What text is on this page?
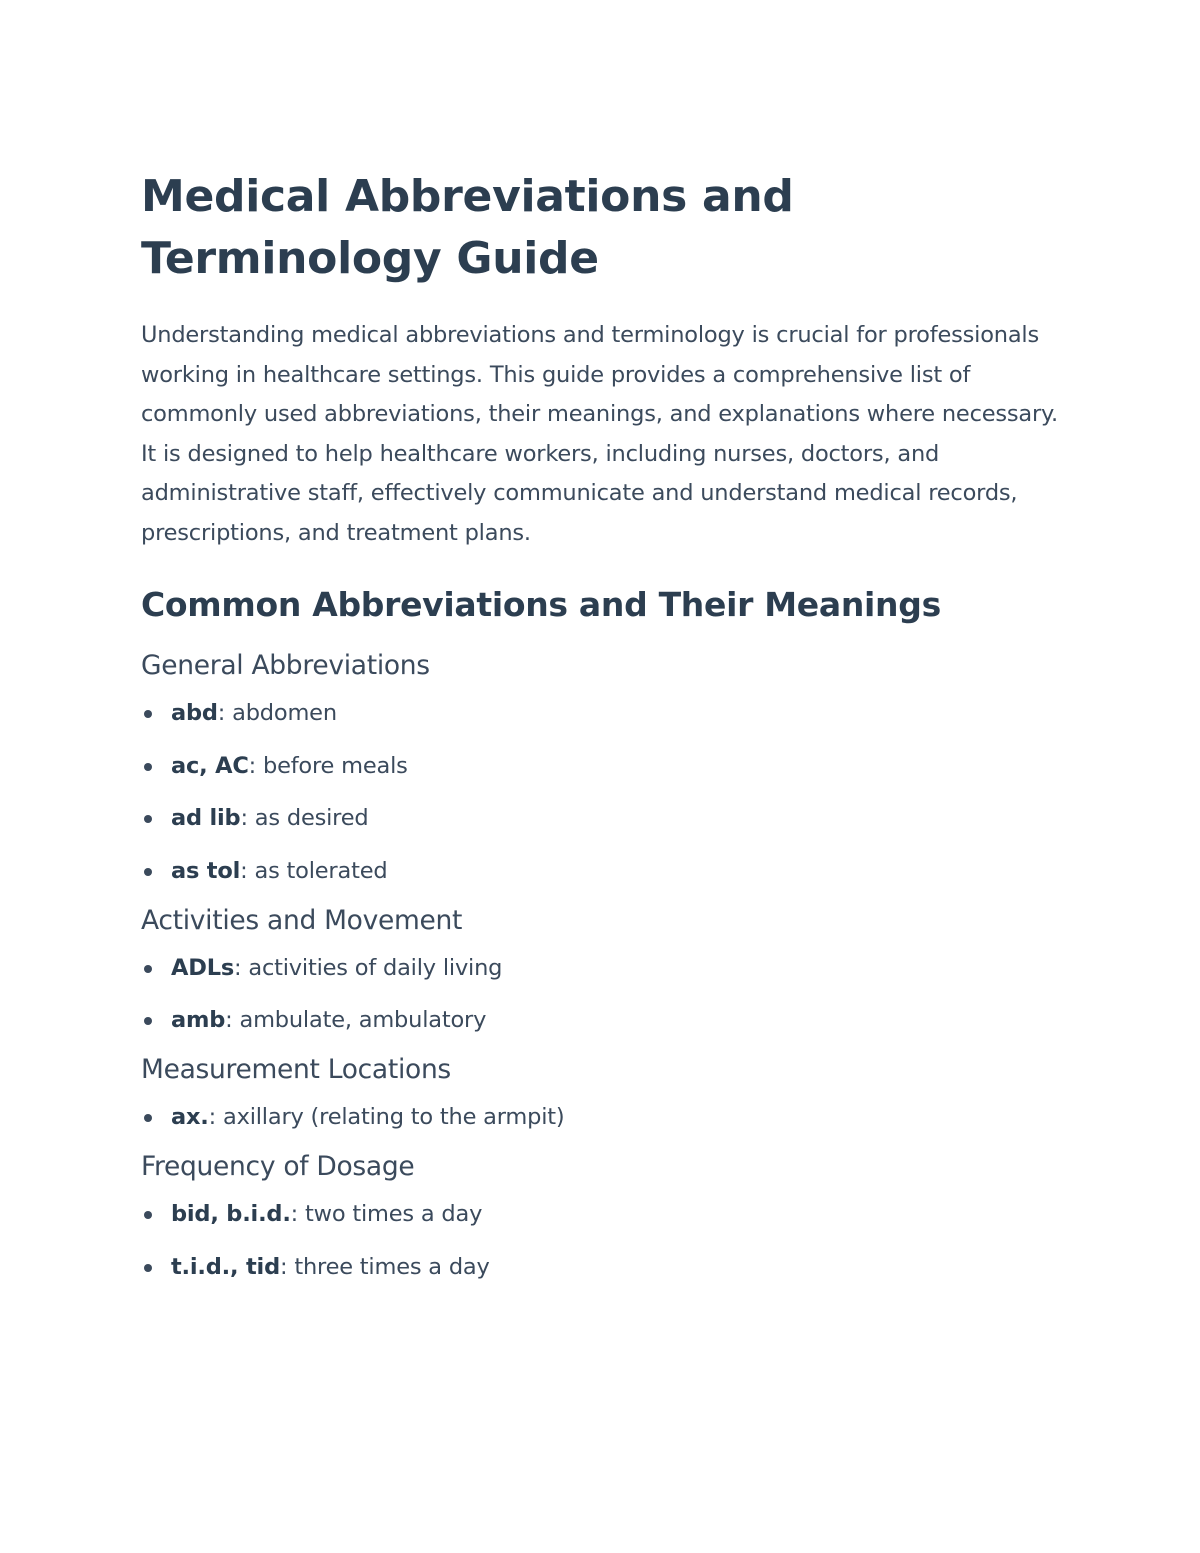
Medical Abbreviations and Terminology Guide

Understanding medical abbreviations and terminology is crucial for professionals working in healthcare settings. This guide provides a comprehensive list of commonly used abbreviations, their meanings, and explanations where necessary. It is designed to help healthcare workers, including nurses, doctors, and administrative staff, effectively communicate and understand medical records, prescriptions, and treatment plans.

Common Abbreviations and Their Meanings
General Abbreviations
abd: abdomen
ac, AC: before meals
ad lib: as desired
as tol: as tolerated
Activities and Movement
ADLs: activities of daily living
amb: ambulate, ambulatory
Measurement Locations
ax.: axillary (relating to the armpit)
Frequency of Dosage
bid, b.i.d.: two times a day
t.i.d., tid: three times a day
